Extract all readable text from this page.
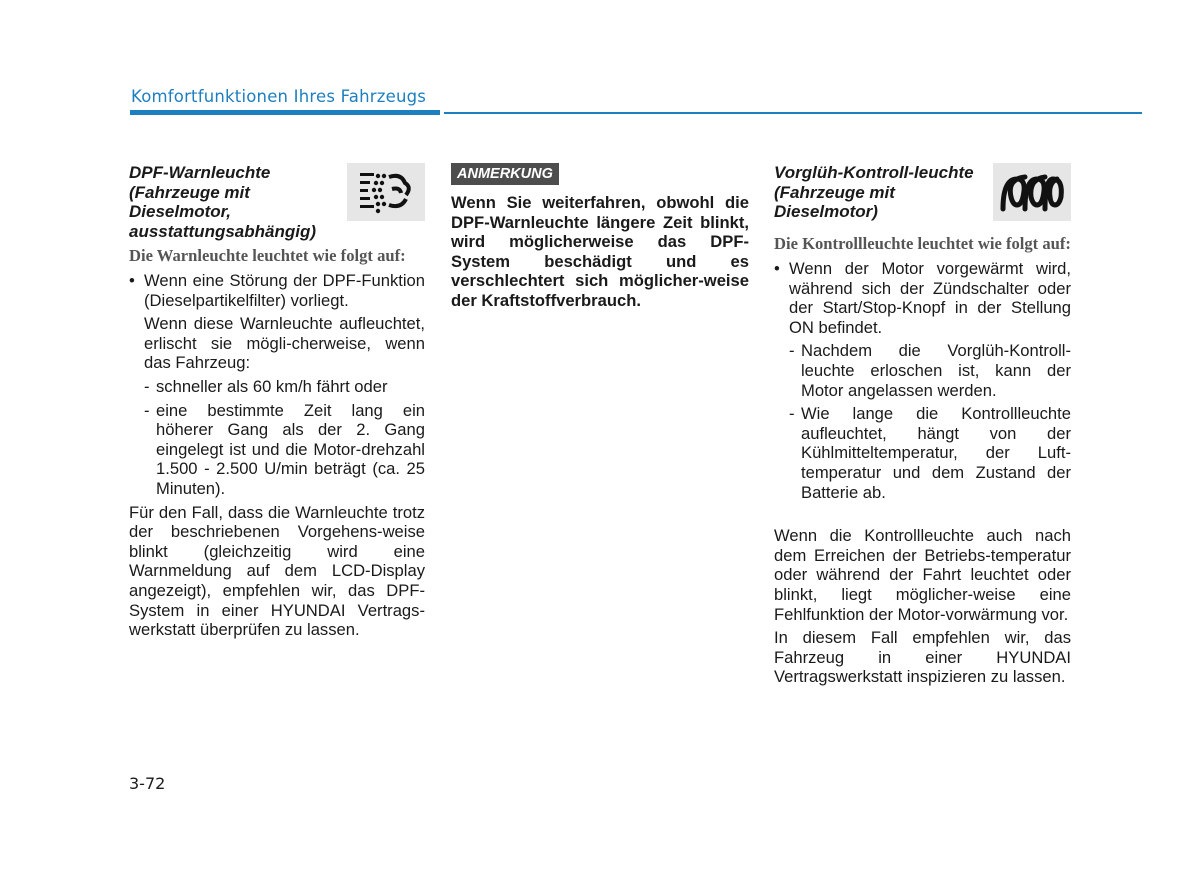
Komfortfunktionen Ihres Fahrzeugs
DPF-Warnleuchte (Fahrzeuge mit Dieselmotor, ausstattungsabhängig)
Die Warnleuchte leuchtet wie folgt auf:
• Wenn eine Störung der DPF-Funktion (Dieselpartikelfilter) vorliegt.
Wenn diese Warnleuchte aufleuchtet, erlischt sie mögli-cherweise, wenn das Fahrzeug:
- schneller als 60 km/h fährt oder
- eine bestimmte Zeit lang ein höherer Gang als der 2. Gang eingelegt ist und die Motor-drehzahl 1.500 - 2.500 U/min beträgt (ca. 25 Minuten).

Für den Fall, dass die Warnleuchte trotz der beschriebenen Vorgehens-weise blinkt (gleichzeitig wird eine Warnmeldung auf dem LCD-Display angezeigt), empfehlen wir, das DPF-System in einer HYUNDAI Vertrags-werkstatt überprüfen zu lassen.

ANMERKUNG

Wenn Sie weiterfahren, obwohl die DPF-Warnleuchte längere Zeit blinkt, wird möglicherweise das DPF-System beschädigt und es verschlechtert sich möglicher-weise der Kraftstoffverbrauch.

Vorglüh-Kontroll-leuchte (Fahrzeuge mit Dieselmotor)
Die Kontrollleuchte leuchtet wie folgt auf:
• Wenn der Motor vorgewärmt wird, während sich der Zündschalter oder der Start/Stop-Knopf in der Stellung ON befindet.
- Nachdem die Vorglüh-Kontroll-leuchte erloschen ist, kann der Motor angelassen werden.
- Wie lange die Kontrollleuchte aufleuchtet, hängt von der Kühlmitteltemperatur, der Luft-temperatur und dem Zustand der Batterie ab.

Wenn die Kontrollleuchte auch nach dem Erreichen der Betriebs-temperatur oder während der Fahrt leuchtet oder blinkt, liegt möglicher-weise eine Fehlfunktion der Motor-vorwärmung vor.

In diesem Fall empfehlen wir, das Fahrzeug in einer HYUNDAI Vertragswerkstatt inspizieren zu lassen.

3-72
